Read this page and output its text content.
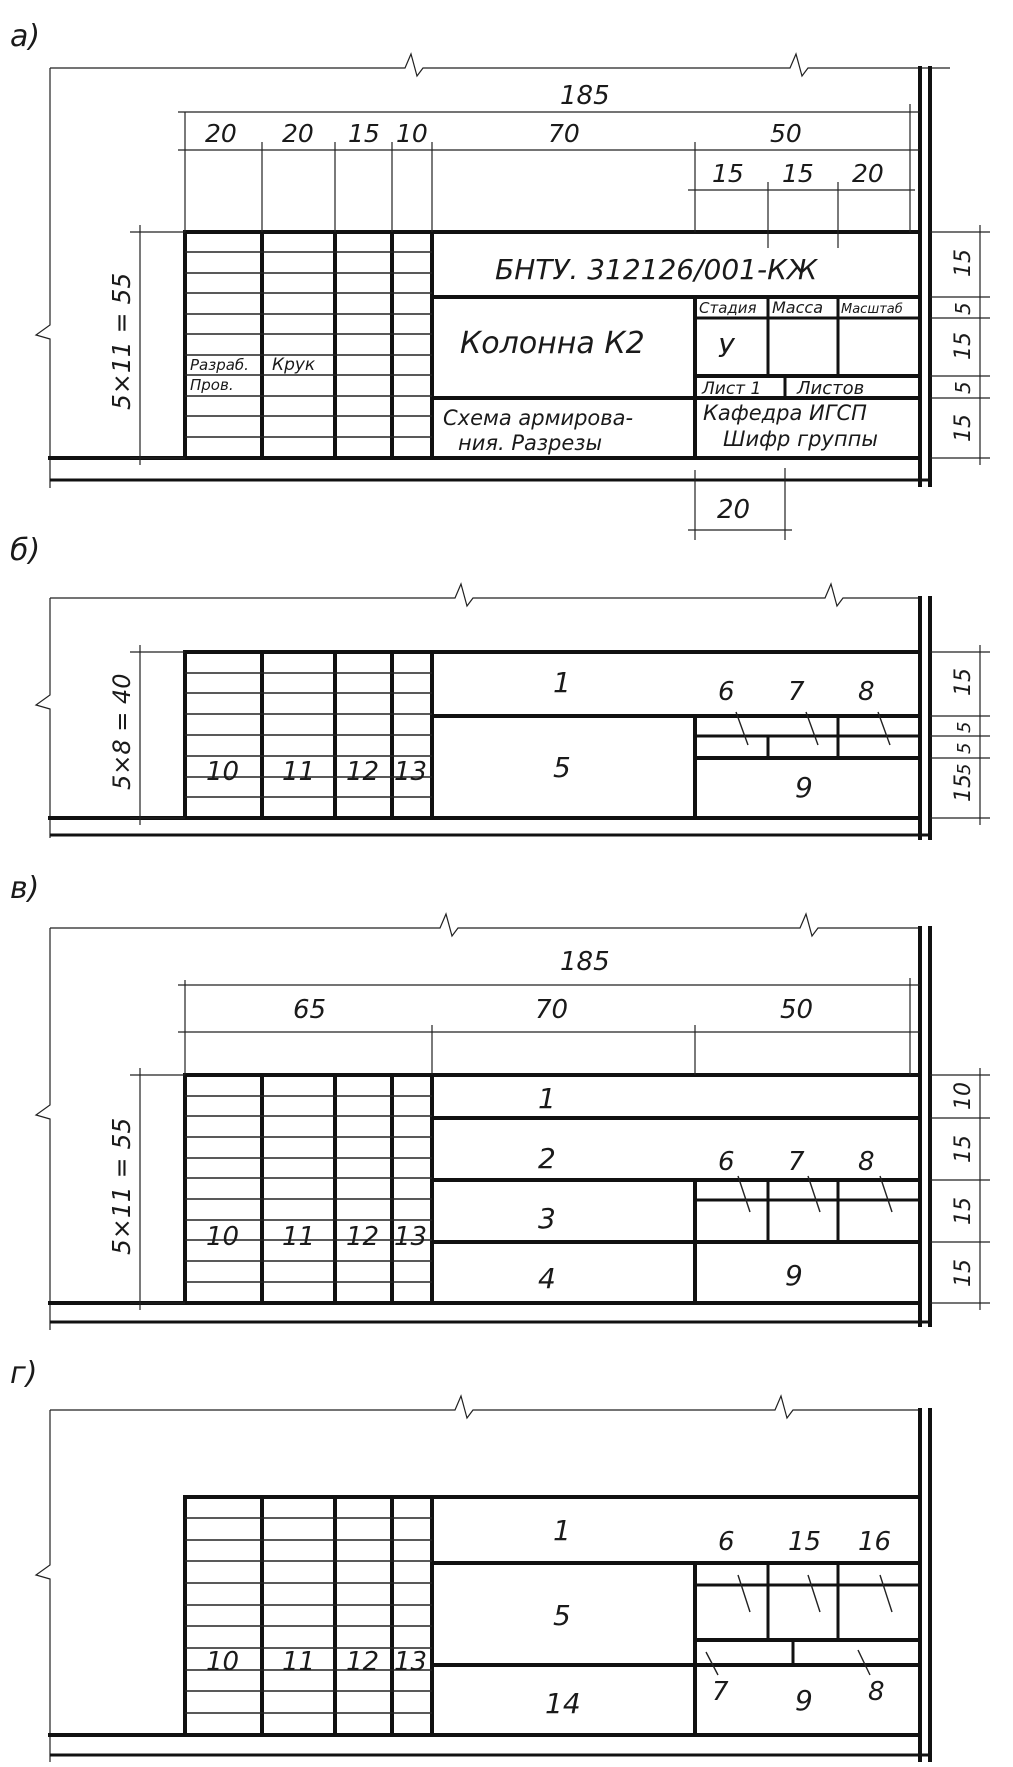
а)
БНТУ. 312126/001-КЖ
Колонна К2
Схема армирова-
ния. Разрезы
Стадия Масса Масштаб
У
Лист 1 Листов
Кафедра ИГСП
Шифр группы
Разраб. Крук
Пров.
185
20 20 15 10	70	50
15 15 20
20
5×11 = 55
15
5
15
5
15
б)
1
5
6 7 8
9
10 11 12 13
5×8 = 40	15
5
5
5
15
в)
185
65	70	50
1
2
3
4
6 7 8
9
10 11 12 13
5×11 = 55
10
15
15
15
г)
1
5
14
6 15 16
7 9 8
10 11 12 13
